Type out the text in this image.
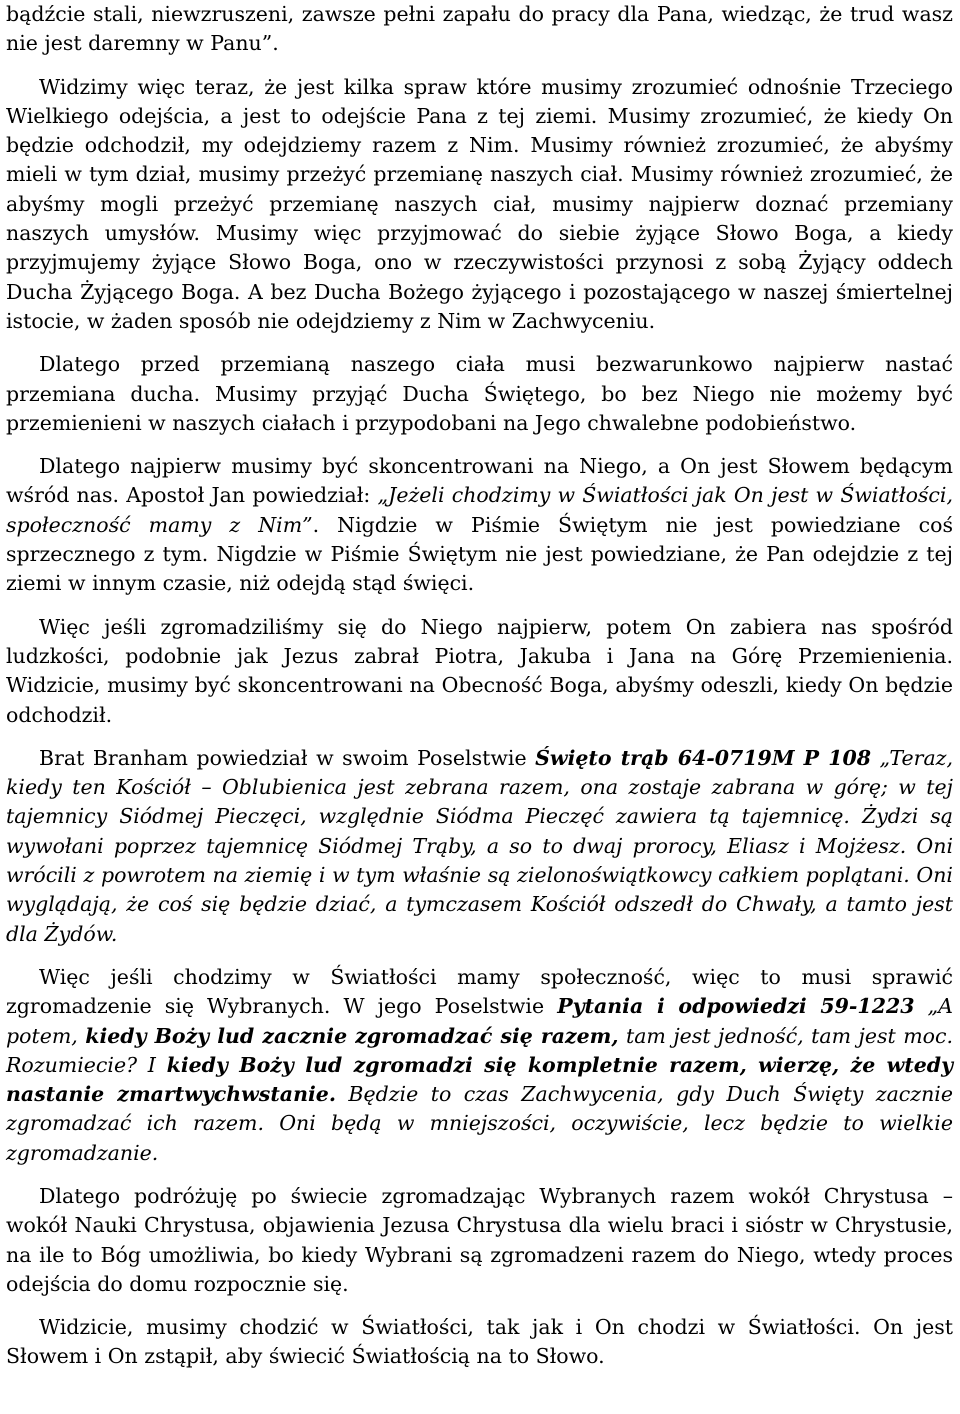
bądźcie stali, niewzruszeni, zawsze pełni zapału do pracy dla Pana, wiedząc, że trud wasz nie jest daremny w Panu”.

Widzimy więc teraz, że jest kilka spraw które musimy zrozumieć odnośnie Trzeciego Wielkiego odejścia, a jest to odejście Pana z tej ziemi. Musimy zrozumieć, że kiedy On będzie odchodził, my odejdziemy razem z Nim. Musimy również zrozumieć, że abyśmy mieli w tym dział, musimy przeżyć przemianę naszych ciał. Musimy również zrozumieć, że abyśmy mogli przeżyć przemianę naszych ciał, musimy najpierw doznać przemiany naszych umysłów. Musimy więc przyjmować do siebie żyjące Słowo Boga, a kiedy przyjmujemy żyjące Słowo Boga, ono w rzeczywistości przynosi z sobą Żyjący oddech Ducha Żyjącego Boga. A bez Ducha Bożego żyjącego i pozostającego w naszej śmiertelnej istocie, w żaden sposób nie odejdziemy z Nim w Zachwyceniu.

Dlatego przed przemianą naszego ciała musi bezwarunkowo najpierw nastać przemiana ducha. Musimy przyjąć Ducha Świętego, bo bez Niego nie możemy być przemienieni w naszych ciałach i przypodobani na Jego chwalebne podobieństwo.

Dlatego najpierw musimy być skoncentrowani na Niego, a On jest Słowem będącym wśród nas. Apostoł Jan powiedział: „Jeżeli chodzimy w Światłości jak On jest w Światłości, społeczność mamy z Nim”. Nigdzie w Piśmie Świętym nie jest powiedziane coś sprzecznego z tym. Nigdzie w Piśmie Świętym nie jest powiedziane, że Pan odejdzie z tej ziemi w innym czasie, niż odejdą stąd święci.

Więc jeśli zgromadziliśmy się do Niego najpierw, potem On zabiera nas spośród ludzkości, podobnie jak Jezus zabrał Piotra, Jakuba i Jana na Górę Przemienienia. Widzicie, musimy być skoncentrowani na Obecność Boga, abyśmy odeszli, kiedy On będzie odchodził.

Brat Branham powiedział w swoim Poselstwie Święto trąb 64-0719M P 108 „Teraz, kiedy ten Kościół – Oblubienica jest zebrana razem, ona zostaje zabrana w górę; w tej tajemnicy Siódmej Pieczęci, względnie Siódma Pieczęć zawiera tą tajemnicę. Żydzi są wywołani poprzez tajemnicę Siódmej Trąby, a so to dwaj prorocy, Eliasz i Mojżesz. Oni wrócili z powrotem na ziemię i w tym właśnie są zielonoświątkowcy całkiem poplątani. Oni wyglądają, że coś się będzie dziać, a tymczasem Kościół odszedł do Chwały, a tamto jest dla Żydów.

Więc jeśli chodzimy w Światłości mamy społeczność, więc to musi sprawić zgromadzenie się Wybranych. W jego Poselstwie Pytania i odpowiedzi 59-1223 „A potem, kiedy Boży lud zacznie zgromadzać się razem, tam jest jedność, tam jest moc. Rozumiecie? I kiedy Boży lud zgromadzi się kompletnie razem, wierzę, że wtedy nastanie zmartwychwstanie. Będzie to czas Zachwycenia, gdy Duch Święty zacznie zgromadzać ich razem. Oni będą w mniejszości, oczywiście, lecz będzie to wielkie zgromadzanie.

Dlatego podróżuję po świecie zgromadzając Wybranych razem wokół Chrystusa – wokół Nauki Chrystusa, objawienia Jezusa Chrystusa dla wielu braci i sióstr w Chrystusie, na ile to Bóg umożliwia, bo kiedy Wybrani są zgromadzeni razem do Niego, wtedy proces odejścia do domu rozpocznie się.

Widzicie, musimy chodzić w Światłości, tak jak i On chodzi w Światłości. On jest Słowem i On zstąpił, aby świecić Światłością na to Słowo.
